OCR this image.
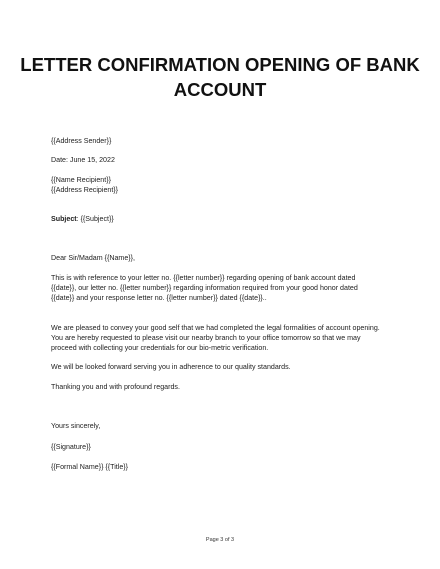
LETTER CONFIRMATION OPENING OF BANK
ACCOUNT
{{Address Sender}}
Date: June 15, 2022
{{Name Recipient}}
{{Address Recipient}}
Subject: {{Subject}}
Dear Sir/Madam {{Name}},

This is with reference to your letter no. {{letter number}} regarding opening of bank account dated

{{date}}, our letter no. {{letter number}} regarding information required from your good honor dated

{{date}} and your response letter no. {{letter number}} dated {{date}}..

We are pleased to convey your good self that we had completed the legal formalities of account opening.

You are hereby requested to please visit our nearby branch to your office tomorrow so that we may

proceed with collecting your credentials for our bio-metric verification.

We will be looked forward serving you in adherence to our quality standards.
Thanking you and with profound regards.
Yours sincerely,
{{Signature}}
{{Formal Name}} {{Title}}
Page 3 of 3
